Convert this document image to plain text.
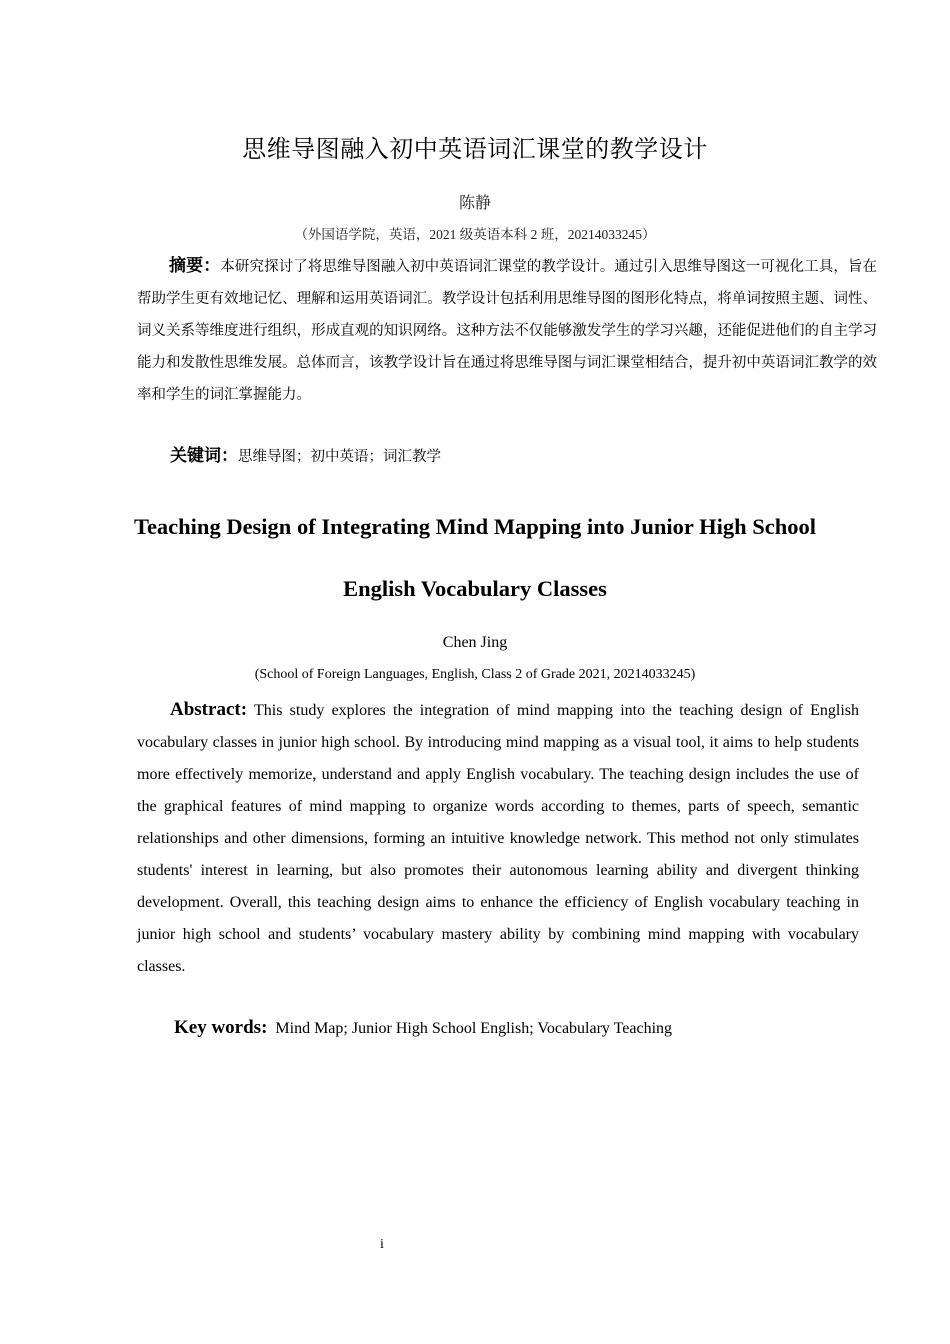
思维导图融入初中英语词汇课堂的教学设计
陈静
（外国语学院，英语，2021 级英语本科 2 班，20214033245）
摘要：本研究探讨了将思维导图融入初中英语词汇课堂的教学设计。通过引入思维导图这一可视化工具，旨在帮助学生更有效地记忆、理解和运用英语词汇。教学设计包括利用思维导图的图形化特点，将单词按照主题、词性、词义关系等维度进行组织，形成直观的知识网络。这种方法不仅能够激发学生的学习兴趣，还能促进他们的自主学习能力和发散性思维发展。总体而言，该教学设计旨在通过将思维导图与词汇课堂相结合，提升初中英语词汇教学的效率和学生的词汇掌握能力。
关键词：思维导图；初中英语；词汇教学
Teaching Design of Integrating Mind Mapping into Junior High School
English Vocabulary Classes
Chen Jing
(School of Foreign Languages, English, Class 2 of Grade 2021, 20214033245)
Abstract: This study explores the integration of mind mapping into the teaching design of English vocabulary classes in junior high school. By introducing mind mapping as a visual tool, it aims to help students more effectively memorize, understand and apply English vocabulary. The teaching design includes the use of the graphical features of mind mapping to organize words according to themes, parts of speech, semantic relationships and other dimensions, forming an intuitive knowledge network. This method not only stimulates students' interest in learning, but also promotes their autonomous learning ability and divergent thinking development. Overall, this teaching design aims to enhance the efficiency of English vocabulary teaching in junior high school and students’ vocabulary mastery ability by combining mind mapping with vocabulary classes.
Key words: Mind Map; Junior High School English; Vocabulary Teaching
i
